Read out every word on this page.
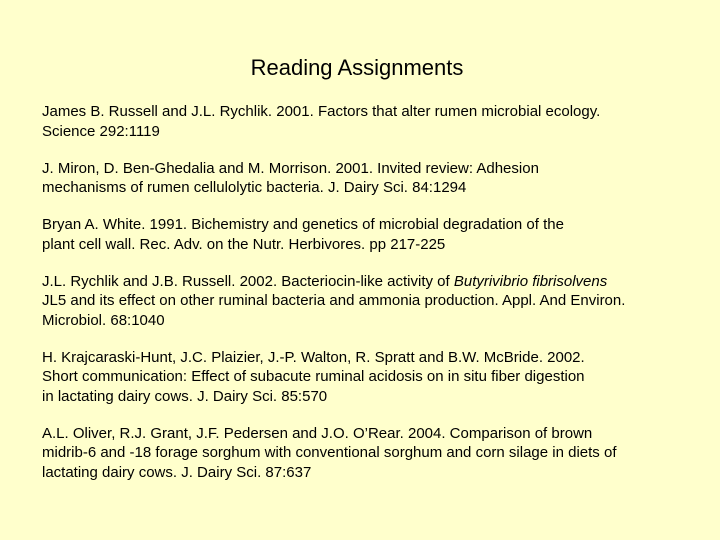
Reading Assignments
James B. Russell and J.L. Rychlik. 2001. Factors that alter rumen microbial ecology.
Science 292:1119
J. Miron, D. Ben-Ghedalia and M. Morrison. 2001. Invited review: Adhesion
mechanisms of rumen cellulolytic bacteria. J. Dairy Sci. 84:1294
Bryan A. White. 1991. Bichemistry and genetics of microbial degradation of the
plant cell wall. Rec. Adv. on the Nutr. Herbivores. pp 217-225
J.L. Rychlik and J.B. Russell. 2002. Bacteriocin-like activity of Butyrivibrio fibrisolvens
JL5 and its effect on other ruminal bacteria and ammonia production. Appl. And Environ.
Microbiol. 68:1040
H. Krajcaraski-Hunt, J.C. Plaizier, J.-P. Walton, R. Spratt and B.W. McBride. 2002.
Short communication: Effect of subacute ruminal acidosis on in situ fiber digestion
in lactating dairy cows. J. Dairy Sci. 85:570
A.L. Oliver, R.J. Grant, J.F. Pedersen and J.O. O’Rear. 2004. Comparison of brown
midrib-6 and -18 forage sorghum with conventional sorghum and corn silage in diets of
lactating dairy cows. J. Dairy Sci. 87:637
